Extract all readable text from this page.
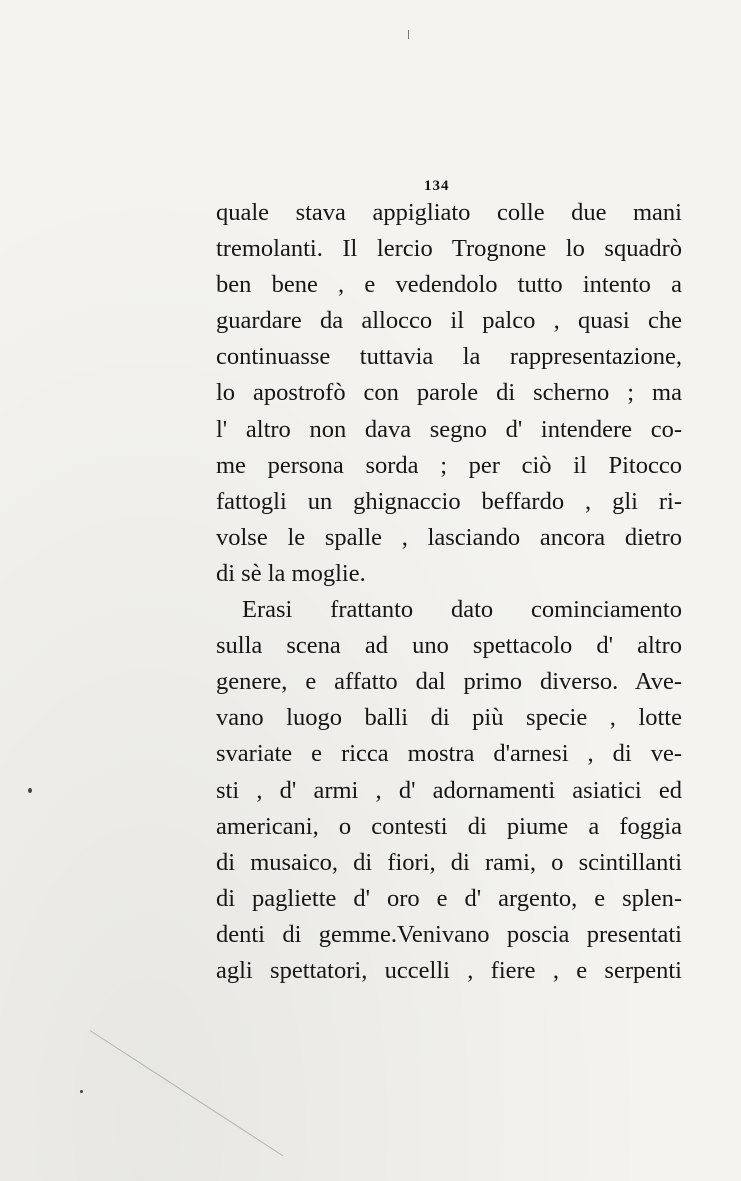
134
quale stava appigliato colle due mani
tremolanti. Il lercio Trognone lo squadrò
ben bene , e vedendolo tutto intento a
guardare da allocco il palco , quasi che
continuasse tuttavia la rappresentazione,
lo apostrofò con parole di scherno ; ma
l' altro non dava segno d' intendere co-
me persona sorda ; per ciò il Pitocco
fattogli un ghignaccio beffardo , gli ri-
volse le spalle , lasciando ancora dietro
di sè la moglie.
Erasi frattanto dato cominciamento
sulla scena ad uno spettacolo d' altro
genere, e affatto dal primo diverso. Ave-
vano luogo balli di più specie , lotte
svariate e ricca mostra d'arnesi , di ve-
sti , d' armi , d' adornamenti asiatici ed
americani, o contesti di piume a foggia
di musaico, di fiori, di rami, o scintillanti
di pagliette d' oro e d' argento, e splen-
denti di gemme.Venivano poscia presentati
agli spettatori, uccelli , fiere , e serpenti
